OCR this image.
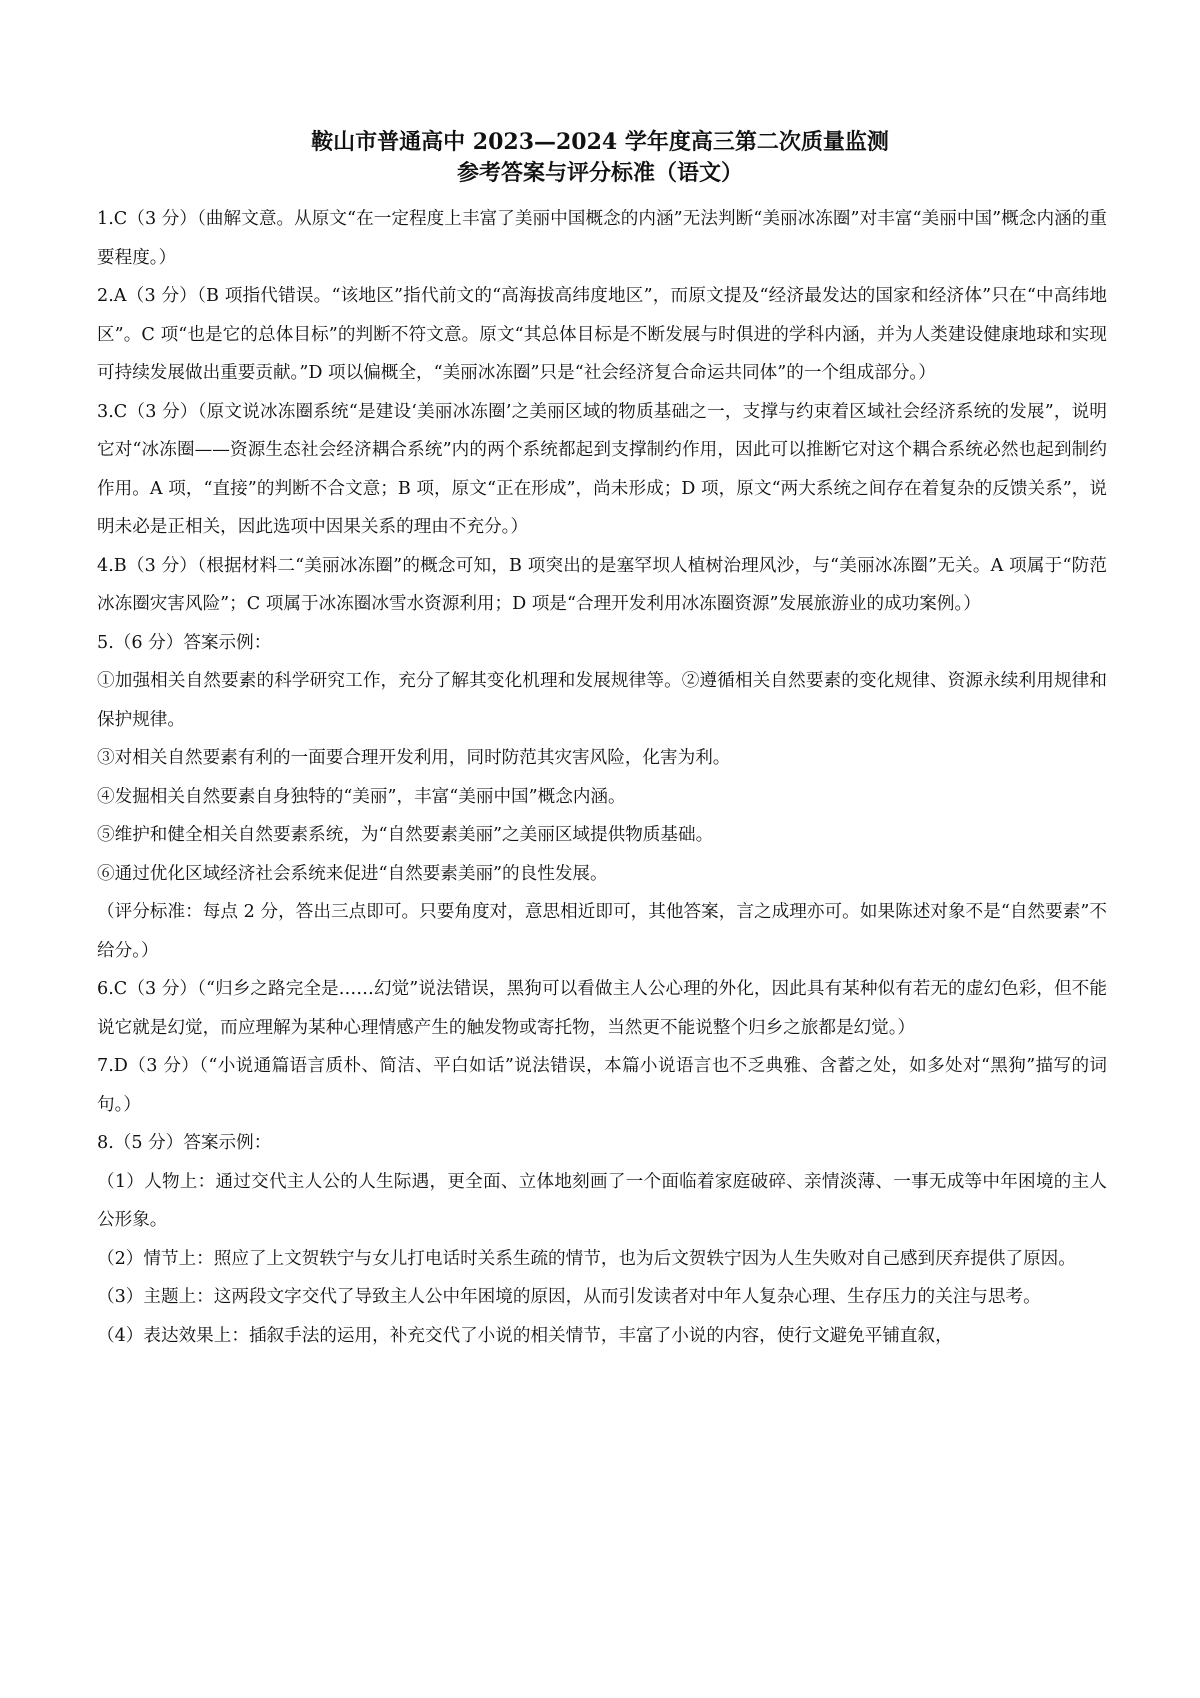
鞍山市普通高中 2023—2024 学年度高三第二次质量监测
参考答案与评分标准（语文）

1.C（3 分）（曲解文意。从原文“在一定程度上丰富了美丽中国概念的内涵”无法判断“美丽冰冻圈”对丰富“美丽中国”概念内涵的重要程度。）

2.A（3 分）（B 项指代错误。“该地区”指代前文的“高海拔高纬度地区”，而原文提及“经济最发达的国家和经济体”只在“中高纬地区”。C 项“也是它的总体目标”的判断不符文意。原文“其总体目标是不断发展与时俱进的学科内涵，并为人类建设健康地球和实现可持续发展做出重要贡献。”D 项以偏概全，“美丽冰冻圈”只是“社会经济复合命运共同体”的一个组成部分。）

3.C（3 分）（原文说冰冻圈系统“是建设‘美丽冰冻圈’之美丽区域的物质基础之一，支撑与约束着区域社会经济系统的发展”，说明它对“冰冻圈——资源生态社会经济耦合系统”内的两个系统都起到支撑制约作用，因此可以推断它对这个耦合系统必然也起到制约作用。A 项，“直接”的判断不合文意；B 项，原文“正在形成”，尚未形成；D 项，原文“两大系统之间存在着复杂的反馈关系”，说明未必是正相关，因此选项中因果关系的理由不充分。）

4.B（3 分）（根据材料二“美丽冰冻圈”的概念可知，B 项突出的是塞罕坝人植树治理风沙，与“美丽冰冻圈”无关。A 项属于“防范冰冻圈灾害风险”；C 项属于冰冻圈冰雪水资源利用；D 项是“合理开发利用冰冻圈资源”发展旅游业的成功案例。）

5.（6 分）答案示例：

①加强相关自然要素的科学研究工作，充分了解其变化机理和发展规律等。②遵循相关自然要素的变化规律、资源永续利用规律和保护规律。

③对相关自然要素有利的一面要合理开发利用，同时防范其灾害风险，化害为利。

④发掘相关自然要素自身独特的“美丽”，丰富“美丽中国”概念内涵。

⑤维护和健全相关自然要素系统，为“自然要素美丽”之美丽区域提供物质基础。

⑥通过优化区域经济社会系统来促进“自然要素美丽”的良性发展。

（评分标准：每点 2 分，答出三点即可。只要角度对，意思相近即可，其他答案，言之成理亦可。如果陈述对象不是“自然要素”不给分。）

6.C（3 分）（“归乡之路完全是……幻觉”说法错误，黑狗可以看做主人公心理的外化，因此具有某种似有若无的虚幻色彩，但不能说它就是幻觉，而应理解为某种心理情感产生的触发物或寄托物，当然更不能说整个归乡之旅都是幻觉。）

7.D（3 分）（“小说通篇语言质朴、简洁、平白如话”说法错误，本篇小说语言也不乏典雅、含蓄之处，如多处对“黑狗”描写的词句。）

8.（5 分）答案示例：

（1）人物上：通过交代主人公的人生际遇，更全面、立体地刻画了一个面临着家庭破碎、亲情淡薄、一事无成等中年困境的主人公形象。

（2）情节上：照应了上文贺轶宁与女儿打电话时关系生疏的情节，也为后文贺轶宁因为人生失败对自己感到厌弃提供了原因。

（3）主题上：这两段文字交代了导致主人公中年困境的原因，从而引发读者对中年人复杂心理、生存压力的关注与思考。

（4）表达效果上：插叙手法的运用，补充交代了小说的相关情节，丰富了小说的内容，使行文避免平铺直叙，
